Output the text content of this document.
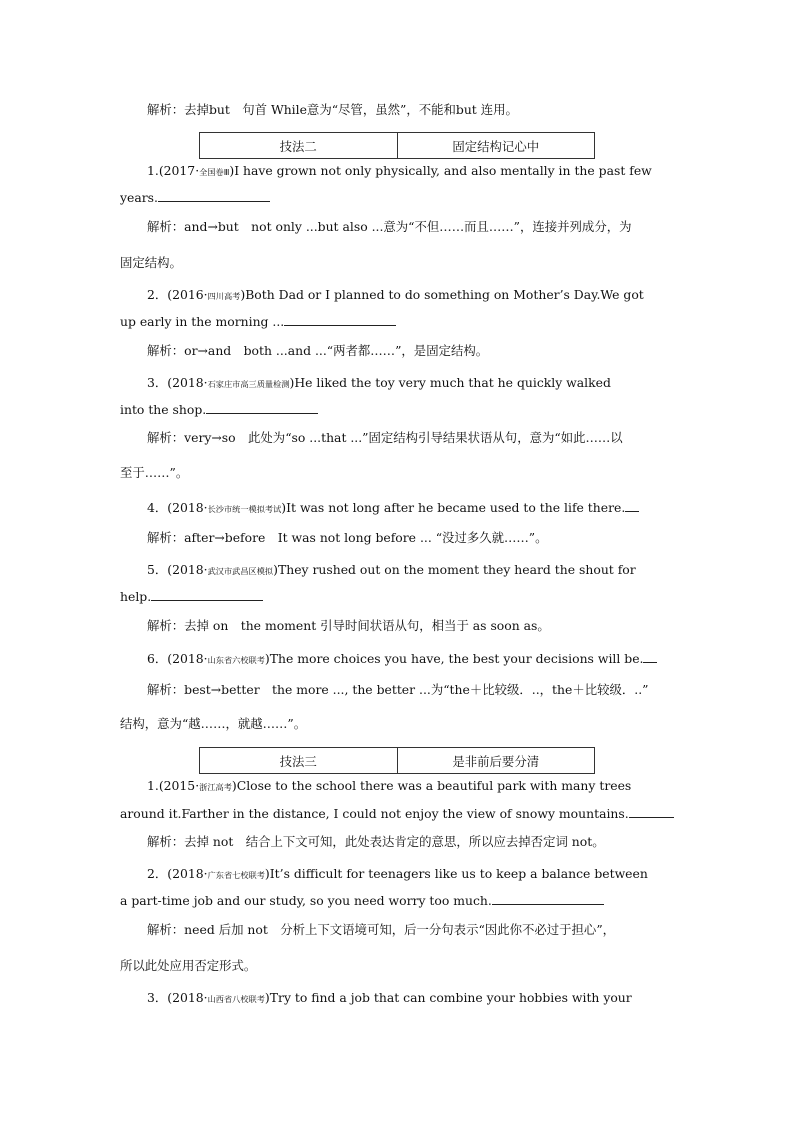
解析：去掉but　句首 While意为“尽管，虽然”，不能和but 连用。
技法二	固定结构记心中
1.(2017·全国卷Ⅲ)I have grown not only physically, and also mentally in the past few
years.
解析：and→but　not only ...but also ...意为“不但……而且……”，连接并列成分，为
固定结构。
2．(2016·四川高考)Both Dad or I planned to do something on Mother’s Day.We got
up early in the morning ...
解析：or→and　both ...and ...“两者都……”，是固定结构。
3．(2018·石家庄市高三质量检测)He liked the toy very much that he quickly walked
into the shop.
解析：very→so　此处为“so ...that ...”固定结构引导结果状语从句，意为“如此……以
至于……”。
4．(2018·长沙市统一模拟考试)It was not long after he became used to the life there.
解析：after→before　It was not long before ... “没过多久就……”。
5．(2018·武汉市武昌区模拟)They rushed out on the moment they heard the shout for
help.
解析：去掉 on　the moment 引导时间状语从句，相当于 as soon as。
6．(2018·山东省六校联考)The more choices you have, the best your decisions will be.
解析：best→better　the more ..., the better ...为“the＋比较级．..，the＋比较级．..”
结构，意为“越……，就越……”。
技法三	是非前后要分清
1.(2015·浙江高考)Close to the school there was a beautiful park with many trees
around it.Farther in the distance, I could not enjoy the view of snowy mountains.
解析：去掉 not　结合上下文可知，此处表达肯定的意思，所以应去掉否定词 not。
2．(2018·广东省七校联考)It’s difficult for teenagers like us to keep a balance between
a part-time job and our study, so you need worry too much.
解析：need 后加 not　分析上下文语境可知，后一分句表示“因此你不必过于担心”，
所以此处应用否定形式。
3．(2018·山西省八校联考)Try to find a job that can combine your hobbies with your
